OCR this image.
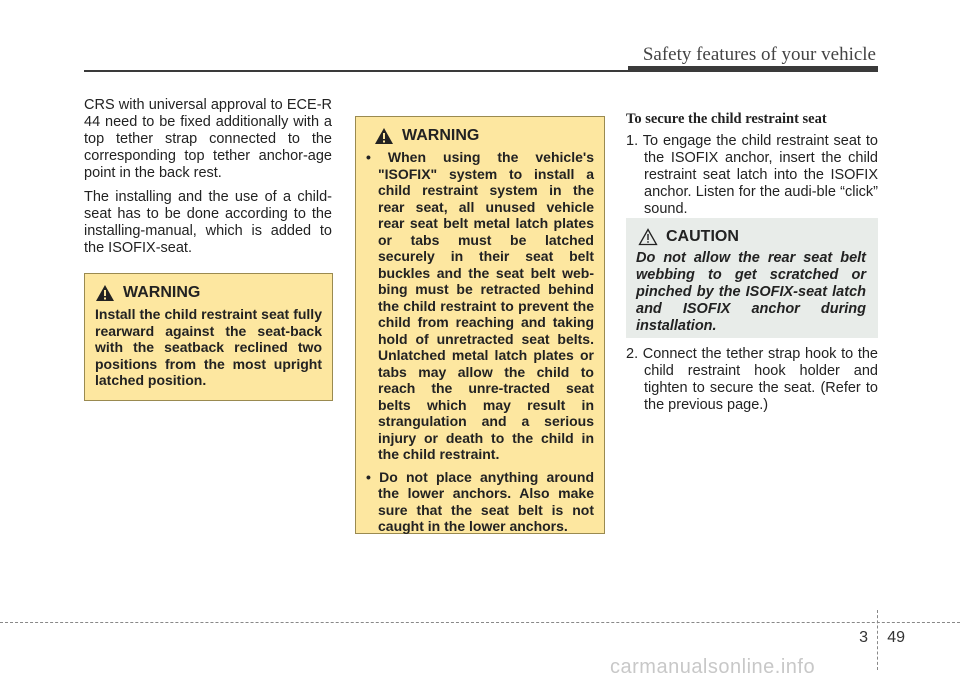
Safety features of your vehicle

CRS with universal approval to ECE-R 44 need to be fixed additionally with a top tether strap connected to the corresponding top tether anchor-age point in the back rest.

The installing and the use of a child-seat has to be done according to the installing-manual, which is added to the ISOFIX-seat.

WARNING
Install the child restraint seat fully rearward against the seat-back with the seatback reclined two positions from the most upright latched position.
WARNING
• When using the vehicle's "ISOFIX" system to install a child restraint system in the rear seat, all unused vehicle rear seat belt metal latch plates or tabs must be latched securely in their seat belt buckles and the seat belt web-bing must be retracted behind the child restraint to prevent the child from reaching and taking hold of unretracted seat belts. Unlatched metal latch plates or tabs may allow the child to reach the unre-tracted seat belts which may result in strangulation and a serious injury or death to the child in the child restraint.
• Do not place anything around the lower anchors. Also make sure that the seat belt is not caught in the lower anchors.
To secure the child restraint seat
1. To engage the child restraint seat to the ISOFIX anchor, insert the child restraint seat latch into the ISOFIX anchor. Listen for the audi-ble “click” sound.
CAUTION
Do not allow the rear seat belt webbing to get scratched or pinched by the ISOFIX-seat latch and ISOFIX anchor during installation.
2. Connect the tether strap hook to the child restraint hook holder and tighten to secure the seat. (Refer to the previous page.)
3 49
carmanualsonline.info
